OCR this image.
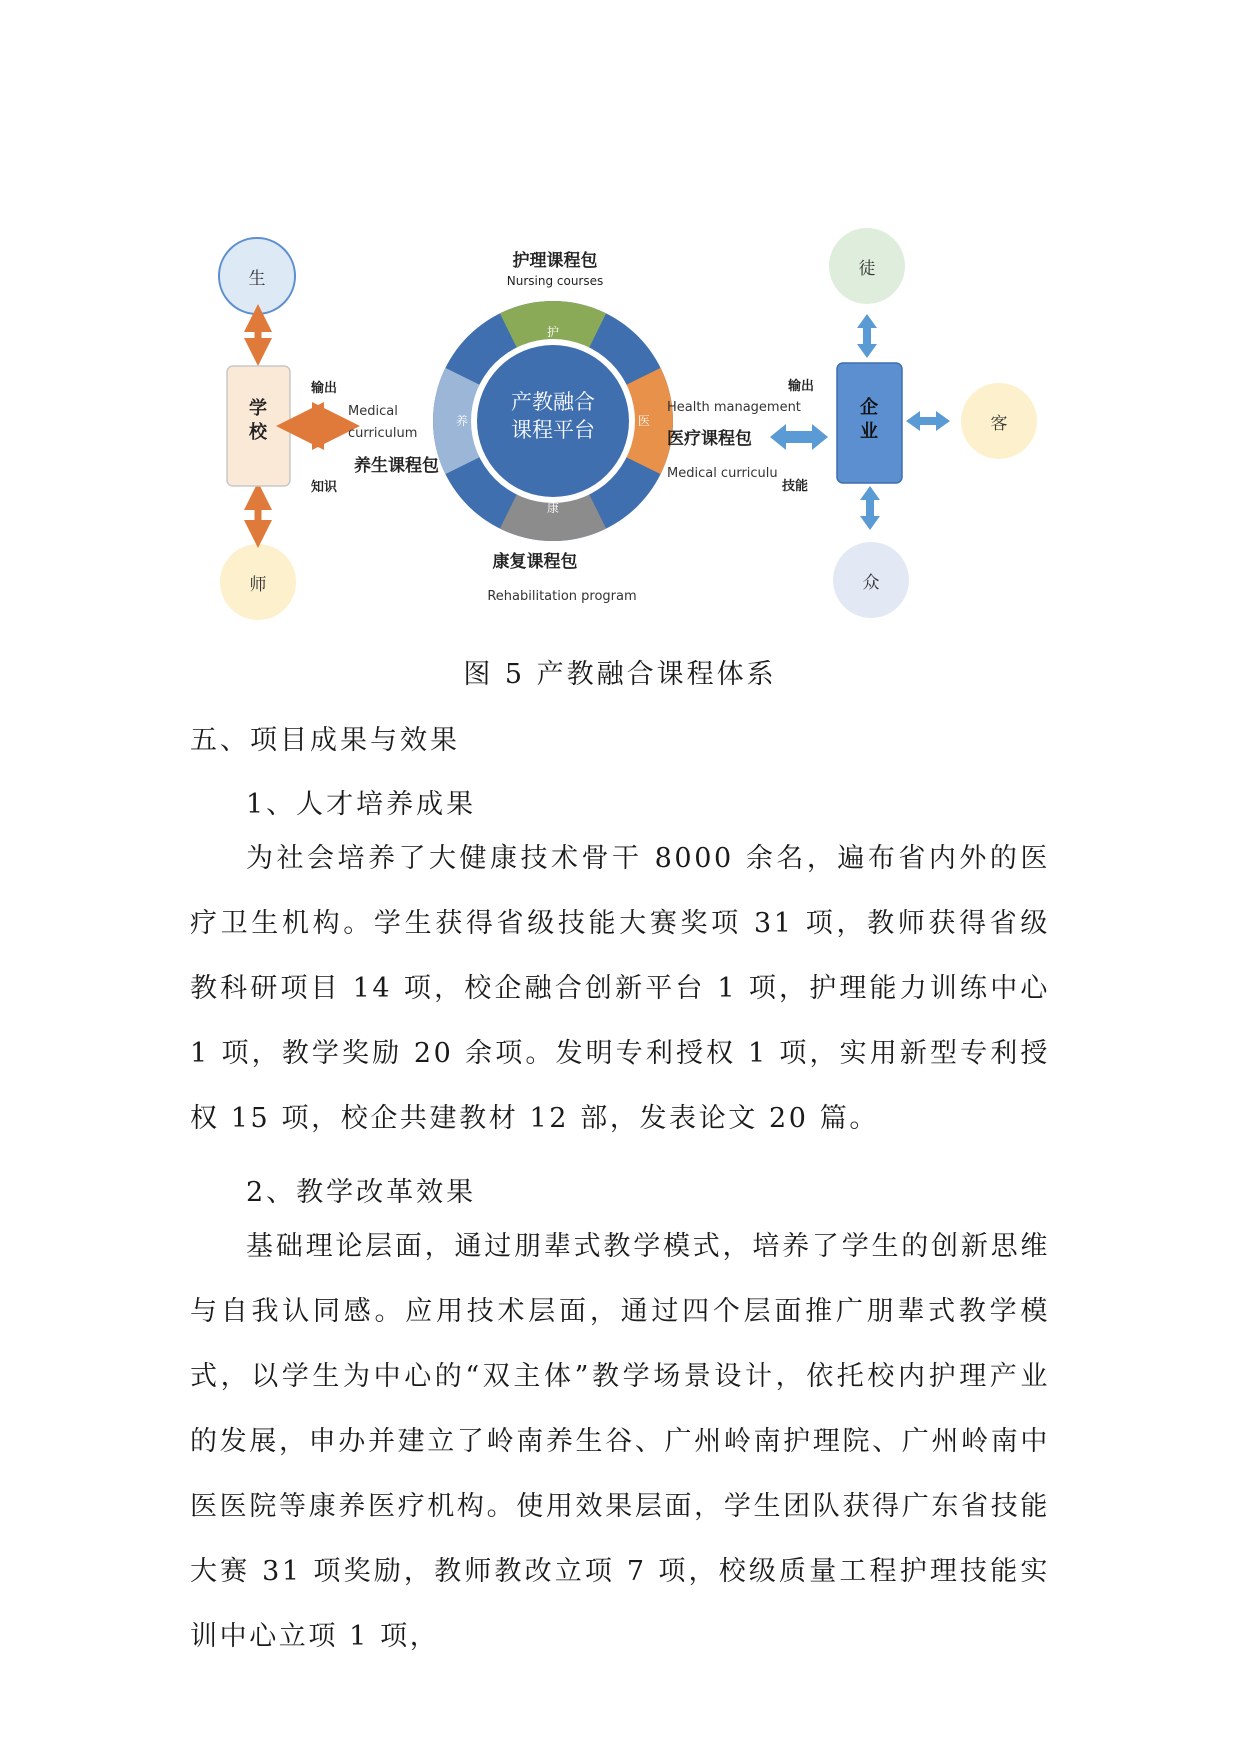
产教融合
课程平台
护
医
康
养
护理课程包
Nursing courses
康复课程包
Rehabilitation program
生
师
学
校
输出
知识
Medical
curriculum
养生课程包
徒
众
客
企
业
输出
技能
Health management
医疗课程包
Medical curriculu
图 5 产教融合课程体系
五、项目成果与效果
1、人才培养成果
为社会培养了大健康技术骨干 8000 余名，遍布省内外的医疗卫生机构。学生获得省级技能大赛奖项 31 项，教师获得省级教科研项目 14 项，校企融合创新平台 1 项，护理能力训练中心 1 项，教学奖励 20 余项。发明专利授权 1 项，实用新型专利授权 15 项，校企共建教材 12 部，发表论文 20 篇。
2、教学改革效果
基础理论层面，通过朋辈式教学模式，培养了学生的创新思维与自我认同感。应用技术层面，通过四个层面推广朋辈式教学模式，以学生为中心的“双主体”教学场景设计，依托校内护理产业的发展，申办并建立了岭南养生谷、广州岭南护理院、广州岭南中医医院等康养医疗机构。使用效果层面，学生团队获得广东省技能大赛 31 项奖励，教师教改立项 7 项，校级质量工程护理技能实训中心立项 1 项，
